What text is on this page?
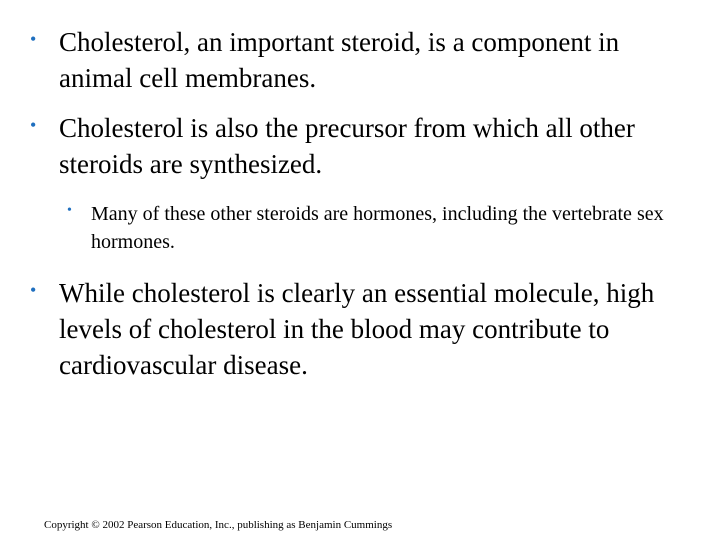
• Cholesterol, an important steroid, is a component in animal cell membranes.
• Cholesterol is also the precursor from which all other steroids are synthesized.
• Many of these other steroids are hormones, including the vertebrate sex hormones.
• While cholesterol is clearly an essential molecule, high levels of cholesterol in the blood may contribute to cardiovascular disease.
Copyright © 2002 Pearson Education, Inc., publishing as Benjamin Cummings
